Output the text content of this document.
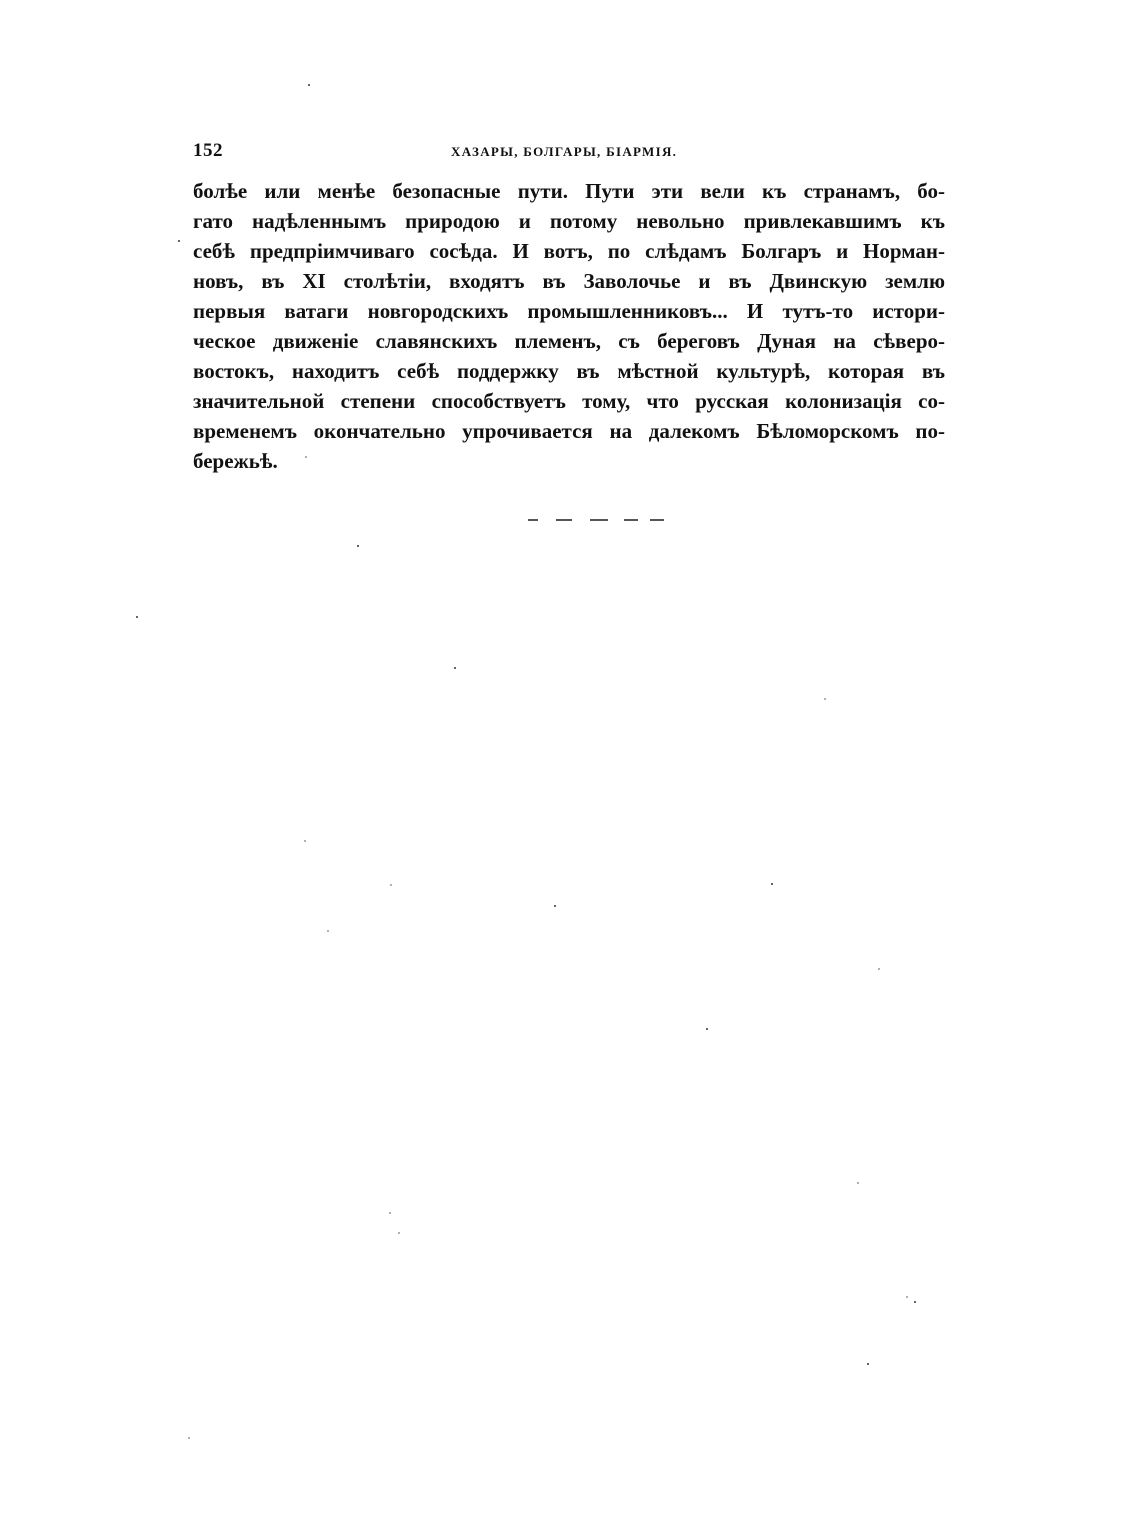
152	ХАЗАРЫ, БОЛГАРЫ, БІАРМІЯ.
болѣе или менѣе безопасные пути. Пути эти вели къ странамъ, бо-
гато надѣленнымъ природою и потому невольно привлекавшимъ къ
себѣ предпріимчиваго сосѣда. И вотъ, по слѣдамъ Болгаръ и Норман-
новъ, въ XI столѣтіи, входятъ въ Заволочье и въ Двинскую землю
первыя ватаги новгородскихъ промышленниковъ... И тутъ-то истори-
ческое движеніе славянскихъ племенъ, съ береговъ Дуная на сѣверо-
востокъ, находитъ себѣ поддержку въ мѣстной культурѣ, которая въ
значительной степени способствуетъ тому, что русская колонизація со-
временемъ окончательно упрочивается на далекомъ Бѣломорскомъ по-
бережьѣ.
